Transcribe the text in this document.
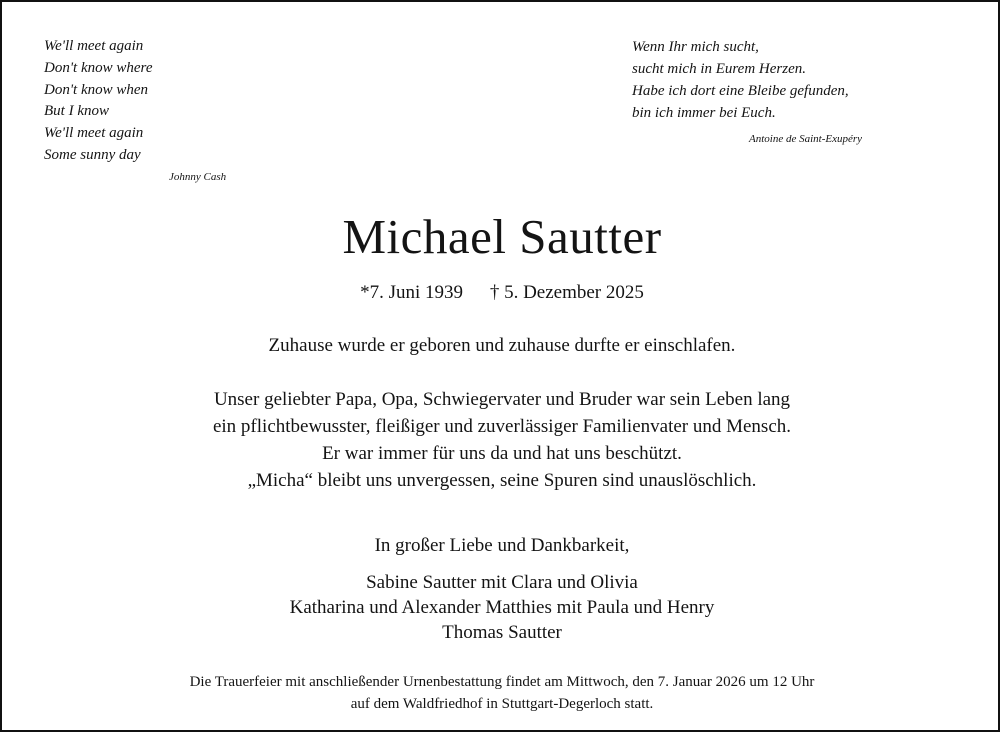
We'll meet again
Don't know where
Don't know when
But I know
We'll meet again
Some sunny day
Johnny Cash
Wenn Ihr mich sucht,
sucht mich in Eurem Herzen.
Habe ich dort eine Bleibe gefunden,
bin ich immer bei Euch.
Antoine de Saint-Exupéry
Michael Sautter
*7. Juni 1939 † 5. Dezember 2025
Zuhause wurde er geboren und zuhause durfte er einschlafen.
Unser geliebter Papa, Opa, Schwiegervater und Bruder war sein Leben lang
ein pflichtbewusster, fleißiger und zuverlässiger Familienvater und Mensch.
Er war immer für uns da und hat uns beschützt.
„Micha“ bleibt uns unvergessen, seine Spuren sind unauslöschlich.
In großer Liebe und Dankbarkeit,
Sabine Sautter mit Clara und Olivia
Katharina und Alexander Matthies mit Paula und Henry
Thomas Sautter
Die Trauerfeier mit anschließender Urnenbestattung findet am Mittwoch, den 7. Januar 2026 um 12 Uhr
auf dem Waldfriedhof in Stuttgart-Degerloch statt.
